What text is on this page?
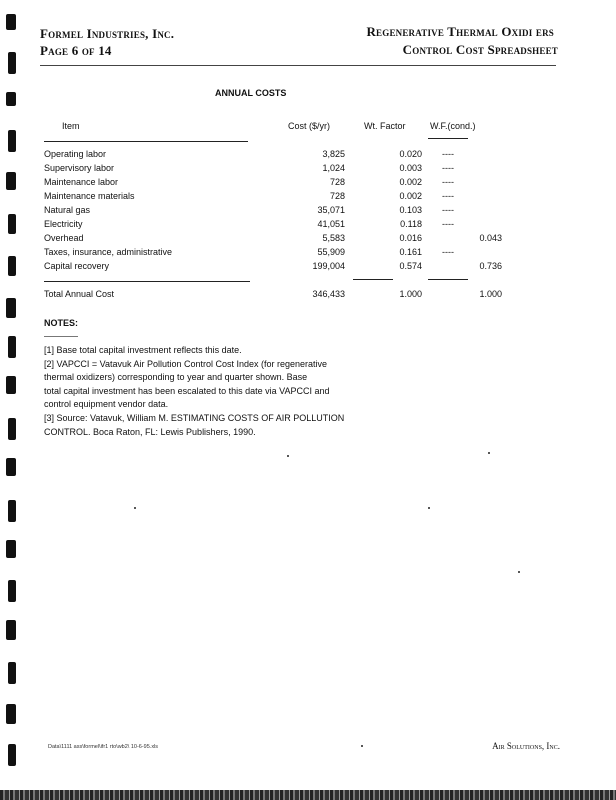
Formel Industries, Inc.
Page 6 of 14
Regenerative Thermal Oxidi ers
Control Cost Spreadsheet
ANNUAL COSTS
Item	Cost ($/yr)	Wt. Factor	W.F.(cond.)
Operating labor	3,825	0.020 ----
Supervisory labor	1,024	0.003 ----
Maintenance labor	728	0.002 ----
Maintenance materials	728	0.002 ----
Natural gas	35,071	0.103 ----
Electricity	41,051	0.118 ----
Overhead	5,583	0.016	0.043
Taxes, insurance, administrative	55,909	0.161 ----
Capital recovery	199,004	0.574	0.736
Total Annual Cost	346,433	1.000	1.000
NOTES:

[1] Base total capital investment reflects this date.

[2] VAPCCI = Vatavuk Air Pollution Control Cost Index (for regenerative

thermal oxidizers) corresponding to year and quarter shown. Base

total capital investment has been escalated to this date via VAPCCI and

control equipment vendor data.

[3] Source: Vatavuk, William M. ESTIMATING COSTS OF AIR POLLUTION

CONTROL. Boca Raton, FL: Lewis Publishers, 1990.

Data\1111 ass\formel\ifr1 rto\wb2\ 10-6-95.xls	Air Solutions, Inc.
